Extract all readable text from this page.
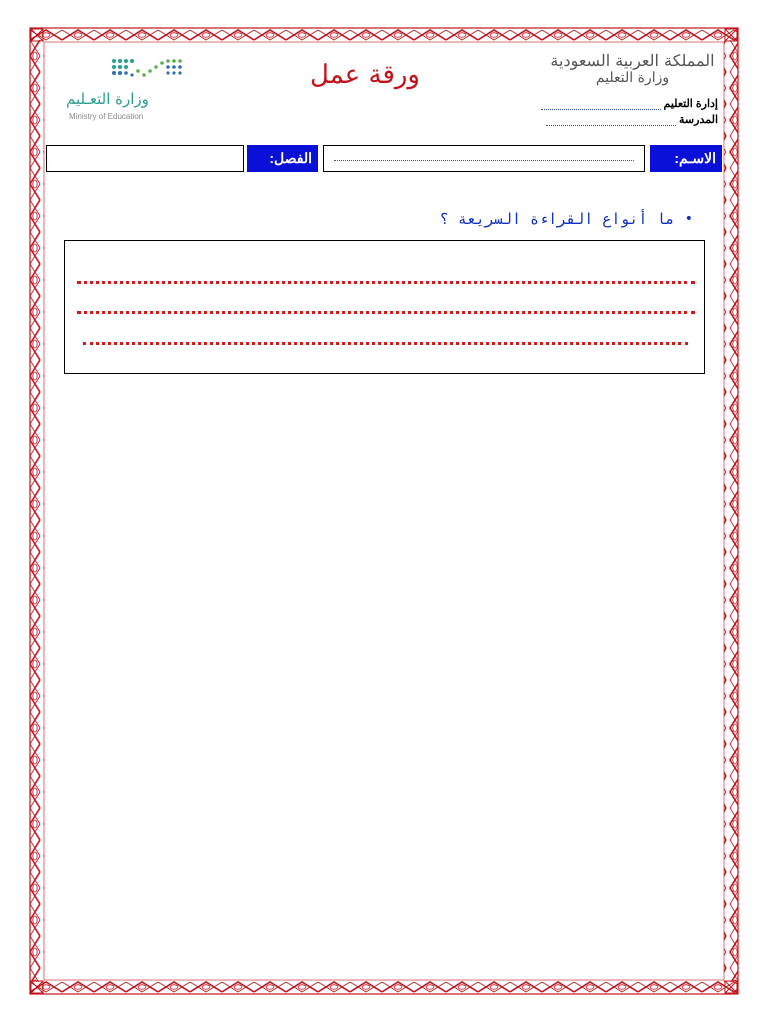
وزارة التعـليم
Ministry of Education
ورقة عمل	المملكة العربية السعودية
وزارة التعليم
إدارة التعليم
المدرسة
الاسـم:
الفصل:
•
ما أنواع القراءة السريعة ؟
